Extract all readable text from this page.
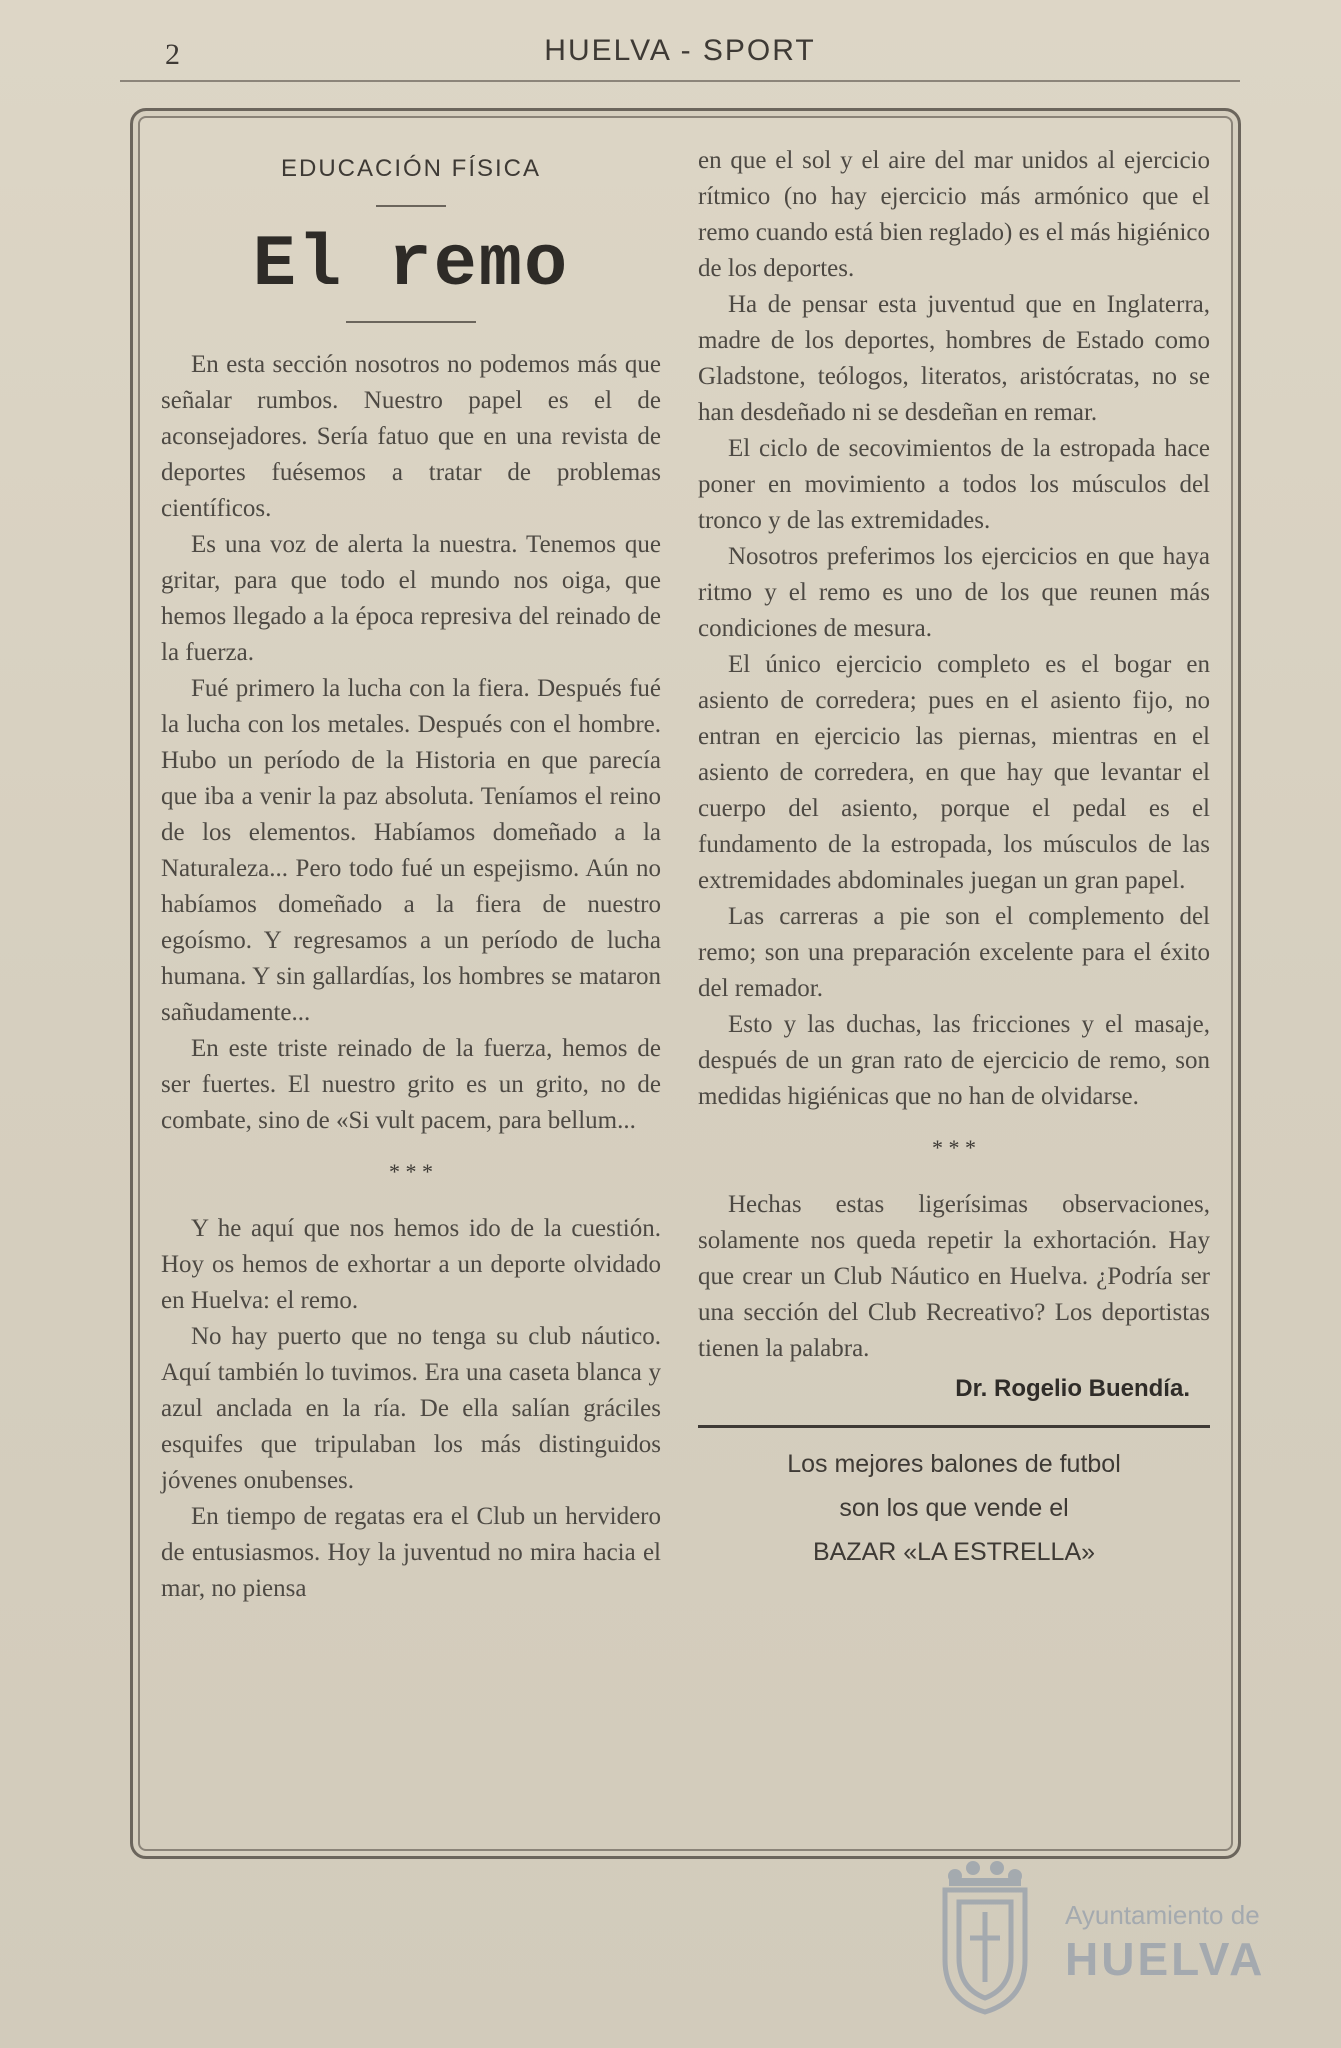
2	HUELVA - SPORT
EDUCACIÓN FÍSICA
El remo

En esta sección nosotros no podemos más que señalar rumbos. Nuestro papel es el de aconsejadores. Sería fatuo que en una revista de deportes fuésemos a tratar de problemas científicos.

Es una voz de alerta la nuestra. Tenemos que gritar, para que todo el mundo nos oiga, que hemos llegado a la época represiva del reinado de la fuerza.

Fué primero la lucha con la fiera. Después fué la lucha con los metales. Después con el hombre. Hubo un período de la Historia en que parecía que iba a venir la paz absoluta. Teníamos el reino de los elementos. Habíamos domeñado a la Naturaleza... Pero todo fué un espejismo. Aún no habíamos domeñado a la fiera de nuestro egoísmo. Y regresamos a un período de lucha humana. Y sin gallardías, los hombres se mataron sañudamente...

En este triste reinado de la fuerza, hemos de ser fuertes. El nuestro grito es un grito, no de combate, sino de «Si vult pacem, para bellum...

* * *

Y he aquí que nos hemos ido de la cuestión. Hoy os hemos de exhortar a un deporte olvidado en Huelva: el remo.

No hay puerto que no tenga su club náutico. Aquí también lo tuvimos. Era una caseta blanca y azul anclada en la ría. De ella salían gráciles esquifes que tripulaban los más distinguidos jóvenes onubenses.

En tiempo de regatas era el Club un hervidero de entusiasmos. Hoy la juventud no mira hacia el mar, no piensa

en que el sol y el aire del mar unidos al ejercicio rítmico (no hay ejercicio más armónico que el remo cuando está bien reglado) es el más higiénico de los deportes.

Ha de pensar esta juventud que en Inglaterra, madre de los deportes, hombres de Estado como Gladstone, teólogos, literatos, aristócratas, no se han desdeñado ni se desdeñan en remar.

El ciclo de secovimientos de la estropada hace poner en movimiento a todos los músculos del tronco y de las extremidades.

Nosotros preferimos los ejercicios en que haya ritmo y el remo es uno de los que reunen más condiciones de mesura.

El único ejercicio completo es el bogar en asiento de corredera; pues en el asiento fijo, no entran en ejercicio las piernas, mientras en el asiento de corredera, en que hay que levantar el cuerpo del asiento, porque el pedal es el fundamento de la estropada, los músculos de las extremidades abdominales juegan un gran papel.

Las carreras a pie son el complemento del remo; son una preparación excelente para el éxito del remador.

Esto y las duchas, las fricciones y el masaje, después de un gran rato de ejercicio de remo, son medidas higiénicas que no han de olvidarse.

* * *

Hechas estas ligerísimas observaciones, solamente nos queda repetir la exhortación. Hay que crear un Club Náutico en Huelva. ¿Podría ser una sección del Club Recreativo? Los deportistas tienen la palabra.

Dr. Rogelio Buendía.
Los mejores balones de futbol
son los que vende el
BAZAR «LA ESTRELLA»
Ayuntamiento de
HUELVA
